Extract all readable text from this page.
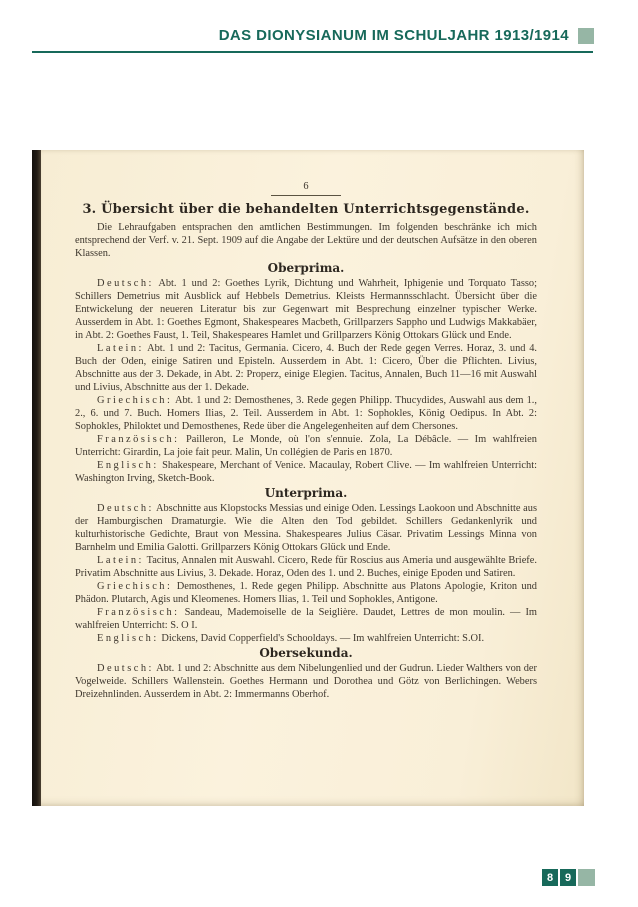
DAS DIONYSIANUM IM SCHULJAHR 1913/1914
6
3. Übersicht über die behandelten Unterrichtsgegenstände.

Die Lehraufgaben entsprachen den amtlichen Bestimmungen. Im folgenden beschränke ich mich entsprechend der Verf. v. 21. Sept. 1909 auf die Angabe der Lektüre und der deutschen Aufsätze in den oberen Klassen.

Oberprima.

Deutsch: Abt. 1 und 2: Goethes Lyrik, Dichtung und Wahrheit, Iphigenie und Torquato Tasso; Schillers Demetrius mit Ausblick auf Hebbels Demetrius. Kleists Hermannsschlacht. Übersicht über die Entwickelung der neueren Literatur bis zur Gegenwart mit Besprechung einzelner typischer Werke. Ausserdem in Abt. 1: Goethes Egmont, Shakespeares Macbeth, Grillparzers Sappho und Ludwigs Makkabäer, in Abt. 2: Goethes Faust, 1. Teil, Shakespeares Hamlet und Grillparzers König Ottokars Glück und Ende.

Latein: Abt. 1 und 2: Tacitus, Germania. Cicero, 4. Buch der Rede gegen Verres. Horaz, 3. und 4. Buch der Oden, einige Satiren und Episteln. Ausserdem in Abt. 1: Cicero, Über die Pflichten. Livius, Abschnitte aus der 3. Dekade, in Abt. 2: Properz, einige Elegien. Tacitus, Annalen, Buch 11—16 mit Auswahl und Livius, Abschnitte aus der 1. Dekade.

Griechisch: Abt. 1 und 2: Demosthenes, 3. Rede gegen Philipp. Thucydides, Auswahl aus dem 1., 2., 6. und 7. Buch. Homers Ilias, 2. Teil. Ausserdem in Abt. 1: Sophokles, König Oedipus. In Abt. 2: Sophokles, Philoktet und Demosthenes, Rede über die Angelegenheiten auf dem Chersones.

Französisch: Pailleron, Le Monde, où l'on s'ennuie. Zola, La Débâcle. — Im wahlfreien Unterricht: Girardin, La joie fait peur. Malin, Un collégien de Paris en 1870.

Englisch: Shakespeare, Merchant of Venice. Macaulay, Robert Clive. — Im wahlfreien Unterricht: Washington Irving, Sketch-Book.

Unterprima.

Deutsch: Abschnitte aus Klopstocks Messias und einige Oden. Lessings Laokoon und Abschnitte aus der Hamburgischen Dramaturgie. Wie die Alten den Tod gebildet. Schillers Gedankenlyrik und kulturhistorische Gedichte, Braut von Messina. Shakespeares Julius Cäsar. Privatim Lessings Minna von Barnhelm und Emilia Galotti. Grillparzers König Ottokars Glück und Ende.

Latein: Tacitus, Annalen mit Auswahl. Cicero, Rede für Roscius aus Ameria und ausgewählte Briefe. Privatim Abschnitte aus Livius, 3. Dekade. Horaz, Oden des 1. und 2. Buches, einige Epoden und Satiren.

Griechisch: Demosthenes, 1. Rede gegen Philipp. Abschnitte aus Platons Apologie, Kriton und Phädon. Plutarch, Agis und Kleomenes. Homers Ilias, 1. Teil und Sophokles, Antigone.

Französisch: Sandeau, Mademoiselle de la Seiglière. Daudet, Lettres de mon moulin. — Im wahlfreien Unterricht: S. O I.

Englisch: Dickens, David Copperfield's Schooldays. — Im wahlfreien Unterricht: S.OI.

Obersekunda.

Deutsch: Abt. 1 und 2: Abschnitte aus dem Nibelungenlied und der Gudrun. Lieder Walthers von der Vogelweide. Schillers Wallenstein. Goethes Hermann und Dorothea und Götz von Berlichingen. Webers Dreizehnlinden. Ausserdem in Abt. 2: Immermanns Oberhof.

8	9
